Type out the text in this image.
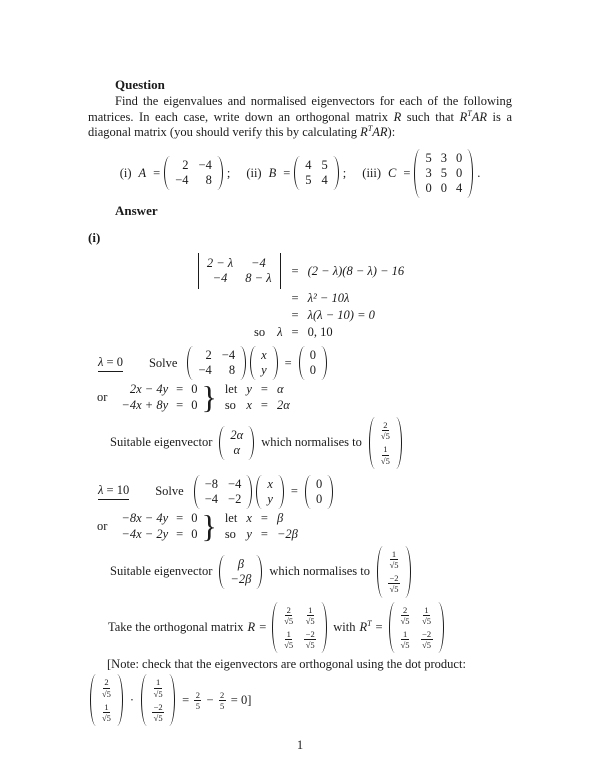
Question

Find the eigenvalues and normalised eigenvectors for each of the following matrices. In each case, write down an orthogonal matrix R such that $R^TAR$ is a diagonal matrix (you should verify this by calculating $R^TAR$):

(i) A =
2 −4
−4 8
; (ii) B =
4 5
5 4
; (iii) C =
5 3 0
3 5 0
0 0 4
.
Answer
(i)
2 − λ −4
−4 8 − λ
= (2 − λ)(8 − λ) − 16
= λ² − 10λ
= λ(λ − 10) = 0
so λ = 0, 10
λ = 0 Solve
2 −4
−4 8
x
y
=
0
0
or
2x − 4y = 0
−4x + 8y = 0 } let y = α
so x = 2α
Suitable eigenvector
2α
α
which normalises to
$\frac{2}{√5}$
$\frac{1}{√5}$
λ = 10 Solve
−8 −4
−4 −2
x
y
=
0
0
or
−8x − 4y = 0
−4x − 2y = 0 } let x = β
so y = −2β
Suitable eigenvector
β
−2β
which normalises to
$\frac{1}{√5}$
$\frac{-2}{√5}$
Take the orthogonal matrix R =
$\frac{2}{√5} \frac{1}{√5}$
$\frac{1}{√5} \frac{-2}{√5}$
with $R^T$ =
$\frac{2}{√5} \frac{1}{√5}$
$\frac{1}{√5} \frac{-2}{√5}$
[Note: check that the eigenvectors are orthogonal using the dot product:
$\frac{2}{√5}$
$\frac{1}{√5}$
·
$\frac{1}{√5}$
$\frac{-2}{√5}$
= $\frac{2}{5} - \frac{2}{5} = 0$]
1
